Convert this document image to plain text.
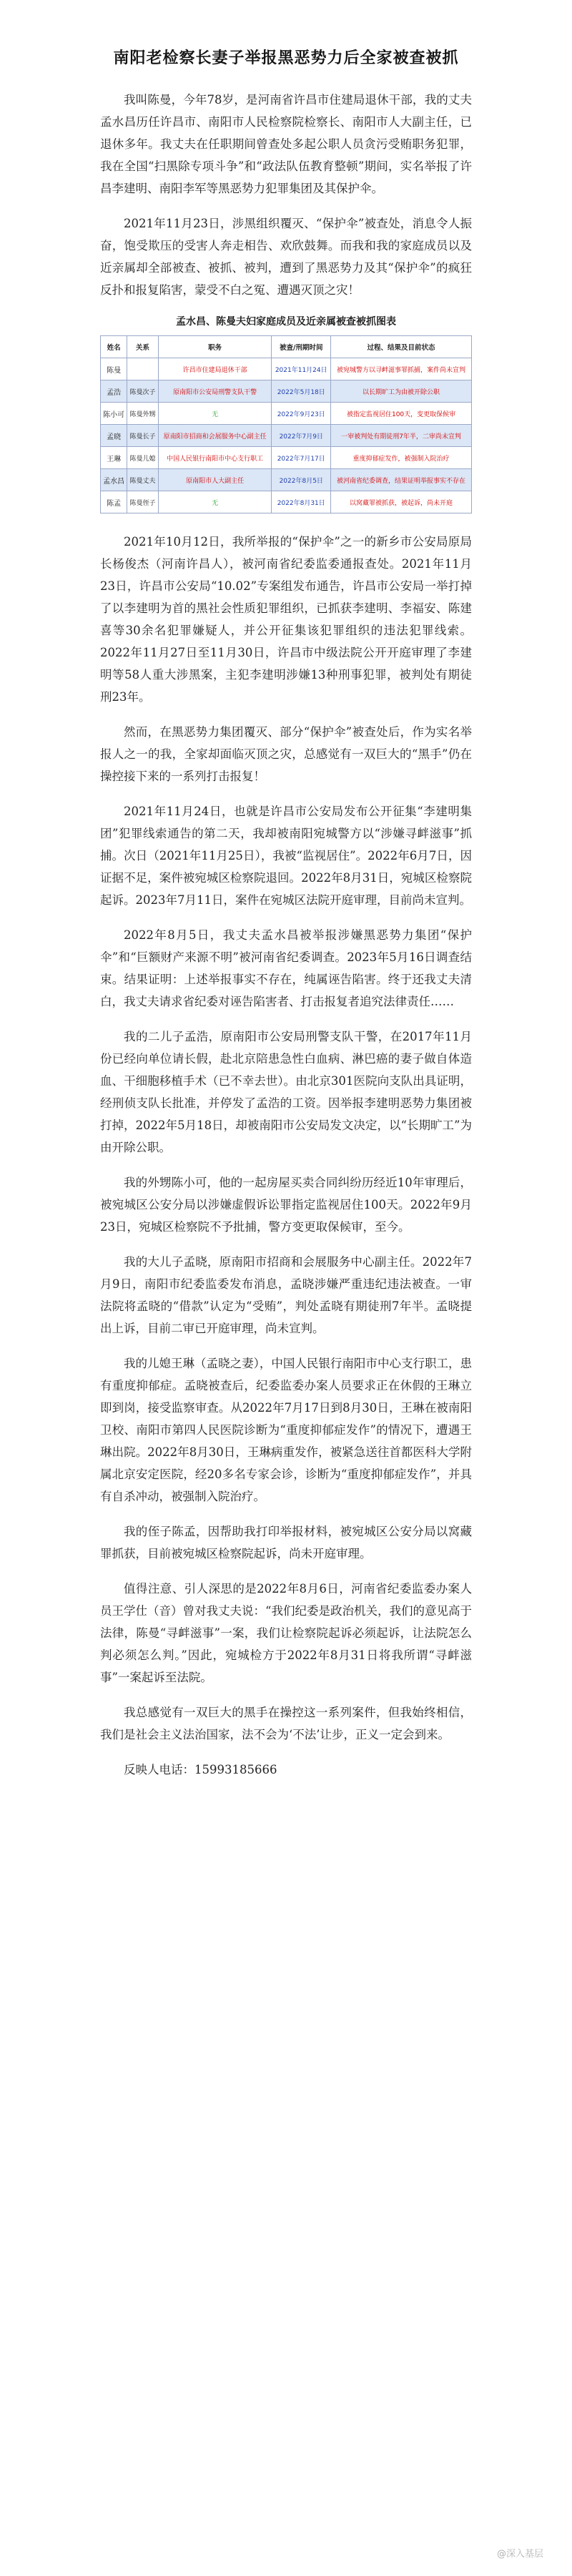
南阳老检察长妻子举报黑恶势力后全家被查被抓

我叫陈曼，今年78岁，是河南省许昌市住建局退休干部，我的丈夫孟水昌历任许昌市、南阳市人民检察院检察长、南阳市人大副主任，已退休多年。我丈夫在任职期间曾查处多起公职人员贪污受贿职务犯罪，我在全国“扫黑除专项斗争”和“政法队伍教育整顿”期间，实名举报了许昌李建明、南阳李军等黑恶势力犯罪集团及其保护伞。

2021年11月23日，涉黑组织覆灭、“保护伞”被查处，消息令人振奋，饱受欺压的受害人奔走相告、欢欣鼓舞。而我和我的家庭成员以及近亲属却全部被查、被抓、被判，遭到了黑恶势力及其“保护伞”的疯狂反扑和报复陷害，蒙受不白之冤、遭遇灭顶之灾！

孟水昌、陈曼夫妇家庭成员及近亲属被查被抓图表
姓名	关系	职务	被查/刑期时间	过程、结果及目前状态
陈曼		许昌市住建局退休干部	2021年11月24日	被宛城警方以寻衅滋事罪抓捕，案件尚未宣判
孟浩	陈曼次子	原南阳市公安局刑警支队干警	2022年5月18日	以长期旷工为由被开除公职
陈小可	陈曼外甥	无	2022年9月23日	被指定监视居住100天，变更取保候审
孟晓	陈曼长子	原南阳市招商和会展服务中心副主任	2022年7月9日	一审被判处有期徒刑7年半，二审尚未宣判
王琳	陈曼儿媳	中国人民银行南阳市中心支行职工	2022年7月17日	重度抑郁症发作，被强制入院治疗
孟水昌	陈曼丈夫	原南阳市人大副主任	2022年8月5日	被河南省纪委调查，结果证明举报事实不存在
陈孟	陈曼侄子	无	2022年8月31日	以窝藏罪被抓获，被起诉，尚未开庭

2021年10月12日，我所举报的“保护伞”之一的新乡市公安局原局长杨俊杰（河南许昌人），被河南省纪委监委通报查处。2021年11月23日，许昌市公安局“10.02”专案组发布通告，许昌市公安局一举打掉了以李建明为首的黑社会性质犯罪组织，已抓获李建明、李福安、陈建喜等30余名犯罪嫌疑人，并公开征集该犯罪组织的违法犯罪线索。2022年11月27日至11月30日，许昌市中级法院公开开庭审理了李建明等58人重大涉黑案，主犯李建明涉嫌13种刑事犯罪，被判处有期徒刑23年。

然而，在黑恶势力集团覆灭、部分“保护伞”被查处后，作为实名举报人之一的我，全家却面临灭顶之灾，总感觉有一双巨大的“黑手”仍在操控接下来的一系列打击报复！

2021年11月24日，也就是许昌市公安局发布公开征集“李建明集团”犯罪线索通告的第二天，我却被南阳宛城警方以“涉嫌寻衅滋事”抓捕。次日（2021年11月25日），我被“监视居住”。2022年6月7日，因证据不足，案件被宛城区检察院退回。2022年8月31日，宛城区检察院起诉。2023年7月11日，案件在宛城区法院开庭审理，目前尚未宣判。

2022年8月5日，我丈夫孟水昌被举报涉嫌黑恶势力集团“保护伞”和“巨额财产来源不明”被河南省纪委调查。2023年5月16日调查结束。结果证明：上述举报事实不存在，纯属诬告陷害。终于还我丈夫清白，我丈夫请求省纪委对诬告陷害者、打击报复者追究法律责任……

我的二儿子孟浩，原南阳市公安局刑警支队干警，在2017年11月份已经向单位请长假，赴北京陪患急性白血病、淋巴癌的妻子做自体造血、干细胞移植手术（已不幸去世）。由北京301医院向支队出具证明，经刑侦支队长批准，并停发了孟浩的工资。因举报李建明恶势力集团被打掉，2022年5月18日，却被南阳市公安局发文决定，以“长期旷工”为由开除公职。

我的外甥陈小可，他的一起房屋买卖合同纠纷历经近10年审理后，被宛城区公安分局以涉嫌虚假诉讼罪指定监视居住100天。2022年9月23日，宛城区检察院不予批捕，警方变更取保候审，至今。

我的大儿子孟晓，原南阳市招商和会展服务中心副主任。2022年7月9日，南阳市纪委监委发布消息，孟晓涉嫌严重违纪违法被查。一审法院将孟晓的“借款”认定为“受贿”，判处孟晓有期徒刑7年半。孟晓提出上诉，目前二审已开庭审理，尚未宣判。

我的儿媳王琳（孟晓之妻），中国人民银行南阳市中心支行职工，患有重度抑郁症。孟晓被查后，纪委监委办案人员要求正在休假的王琳立即到岗，接受监察审查。从2022年7月17日到8月30日，王琳在被南阳卫校、南阳市第四人民医院诊断为“重度抑郁症发作”的情况下，遭遇王琳出院。2022年8月30日，王琳病重发作，被紧急送往首都医科大学附属北京安定医院，经20多名专家会诊，诊断为“重度抑郁症发作”，并具有自杀冲动，被强制入院治疗。

我的侄子陈孟，因帮助我打印举报材料，被宛城区公安分局以窝藏罪抓获，目前被宛城区检察院起诉，尚未开庭审理。

值得注意、引人深思的是2022年8月6日，河南省纪委监委办案人员王学仕（音）曾对我丈夫说：“我们纪委是政治机关，我们的意见高于法律，陈曼“寻衅滋事”一案，我们让检察院起诉必须起诉，让法院怎么判必须怎么判。”因此，宛城检方于2022年8月31日将我所谓“寻衅滋事”一案起诉至法院。

我总感觉有一双巨大的黑手在操控这一系列案件，但我始终相信，我们是社会主义法治国家，法不会为‘不法’让步，正义一定会到来。

反映人电话：15993185666

@深入基层
